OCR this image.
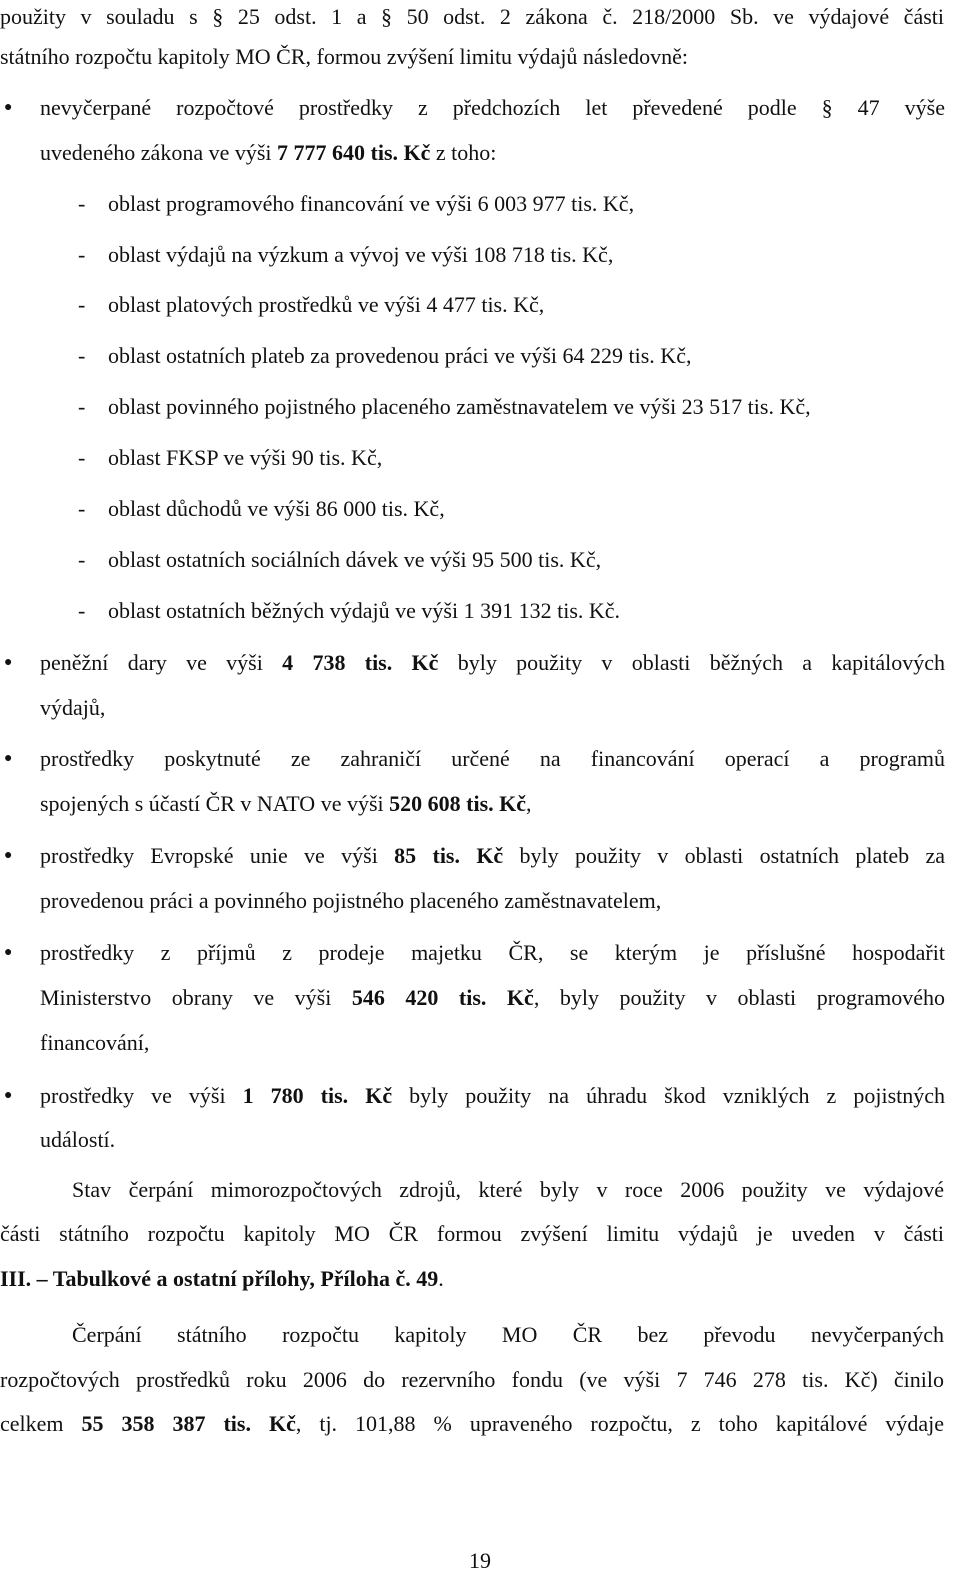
použity v souladu s § 25 odst. 1 a § 50 odst. 2 zákona č. 218/2000 Sb. ve výdajové části
státního rozpočtu kapitoly MO ČR, formou zvýšení limitu výdajů následovně:
● nevyčerpané rozpočtové prostředky z předchozích let převedené podle § 47 výše
uvedeného zákona ve výši 7 777 640 tis. Kč z toho:
- oblast programového financování ve výši 6 003 977 tis. Kč,
- oblast výdajů na výzkum a vývoj ve výši 108 718 tis. Kč,
- oblast platových prostředků ve výši 4 477 tis. Kč,
- oblast ostatních plateb za provedenou práci ve výši 64 229 tis. Kč,
- oblast povinného pojistného placeného zaměstnavatelem ve výši 23 517 tis. Kč,
- oblast FKSP ve výši 90 tis. Kč,
- oblast důchodů ve výši 86 000 tis. Kč,
- oblast ostatních sociálních dávek ve výši 95 500 tis. Kč,
- oblast ostatních běžných výdajů ve výši 1 391 132 tis. Kč.
● peněžní dary ve výši 4 738 tis. Kč byly použity v oblasti běžných a kapitálových
výdajů,
● prostředky poskytnuté ze zahraničí určené na financování operací a programů
spojených s účastí ČR v NATO ve výši 520 608 tis. Kč,
● prostředky Evropské unie ve výši 85 tis. Kč byly použity v oblasti ostatních plateb za
provedenou práci a povinného pojistného placeného zaměstnavatelem,
● prostředky z příjmů z prodeje majetku ČR, se kterým je příslušné hospodařit
Ministerstvo obrany ve výši 546 420 tis. Kč, byly použity v oblasti programového
financování,
● prostředky ve výši 1 780 tis. Kč byly použity na úhradu škod vzniklých z pojistných
událostí.
Stav čerpání mimorozpočtových zdrojů, které byly v roce 2006 použity ve výdajové
části státního rozpočtu kapitoly MO ČR formou zvýšení limitu výdajů je uveden v části
III. – Tabulkové a ostatní přílohy, Příloha č. 49.
Čerpání státního rozpočtu kapitoly MO ČR bez převodu nevyčerpaných
rozpočtových prostředků roku 2006 do rezervního fondu (ve výši 7 746 278 tis. Kč) činilo
celkem 55 358 387 tis. Kč, tj. 101,88 % upraveného rozpočtu, z toho kapitálové výdaje
19
